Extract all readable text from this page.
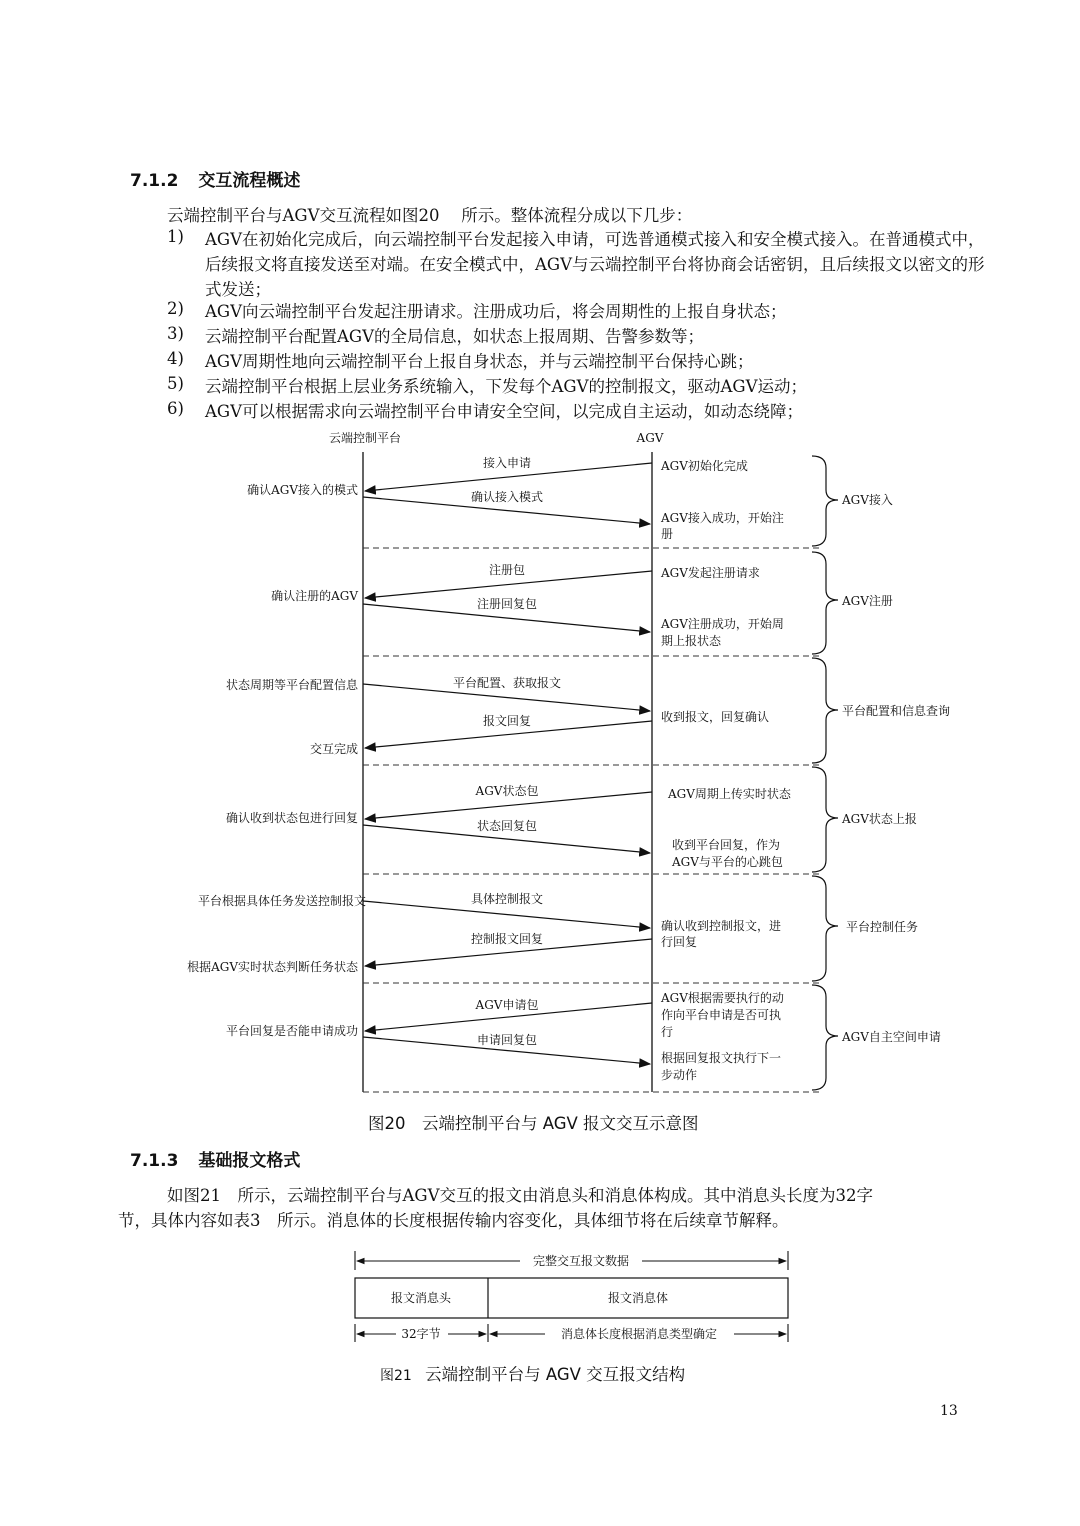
7.1.2 交互流程概述
云端控制平台与AGV交互流程如图20　 所示。整体流程分成以下几步：
1) AGV在初始化完成后，向云端控制平台发起接入申请，可选普通模式接入和安全模式接入。在普通模式中，后续报文将直接发送至对端。在安全模式中，AGV与云端控制平台将协商会话密钥，且后续报文以密文的形式发送；
2) AGV向云端控制平台发起注册请求。注册成功后，将会周期性的上报自身状态；
3) 云端控制平台配置AGV的全局信息，如状态上报周期、告警参数等；
4) AGV周期性地向云端控制平台上报自身状态，并与云端控制平台保持心跳；
5) 云端控制平台根据上层业务系统输入，下发每个AGV的控制报文，驱动AGV运动；
6) AGV可以根据需求向云端控制平台申请安全空间，以完成自主运动，如动态绕障；
云端控制平台	AGV
接入申请
确认接入模式
注册包
注册回复包
平台配置、获取报文
报文回复
AGV状态包
状态回复包
具体控制报文
控制报文回复
AGV申请包
申请回复包
确认AGV接入的模式
确认注册的AGV
状态周期等平台配置信息
交互完成
确认收到状态包进行回复
平台根据具体任务发送控制报文
根据AGV实时状态判断任务状态
平台回复是否能申请成功
AGV初始化完成
AGV接入成功，开始注
册
AGV发起注册请求
AGV注册成功，开始周
期上报状态
收到报文，回复确认
AGV周期上传实时状态
收到平台回复，作为
AGV与平台的心跳包
确认收到控制报文，进
行回复
AGV根据需要执行的动
作向平台申请是否可执
行
根据回复报文执行下一
步动作
AGV接入
AGV注册
平台配置和信息查询
AGV状态上报
平台控制任务
AGV自主空间申请
图20　云端控制平台与 AGV 报文交互示意图
7.1.3 基础报文格式
如图21　所示，云端控制平台与AGV交互的报文由消息头和消息体构成。其中消息头长度为32字
节，具体内容如表3　所示。消息体的长度根据传输内容变化，具体细节将在后续章节解释。
完整交互报文数据
报文消息头	报文消息体
32字节	消息体长度根据消息类型确定
图21 云端控制平台与 AGV 交互报文结构
13
